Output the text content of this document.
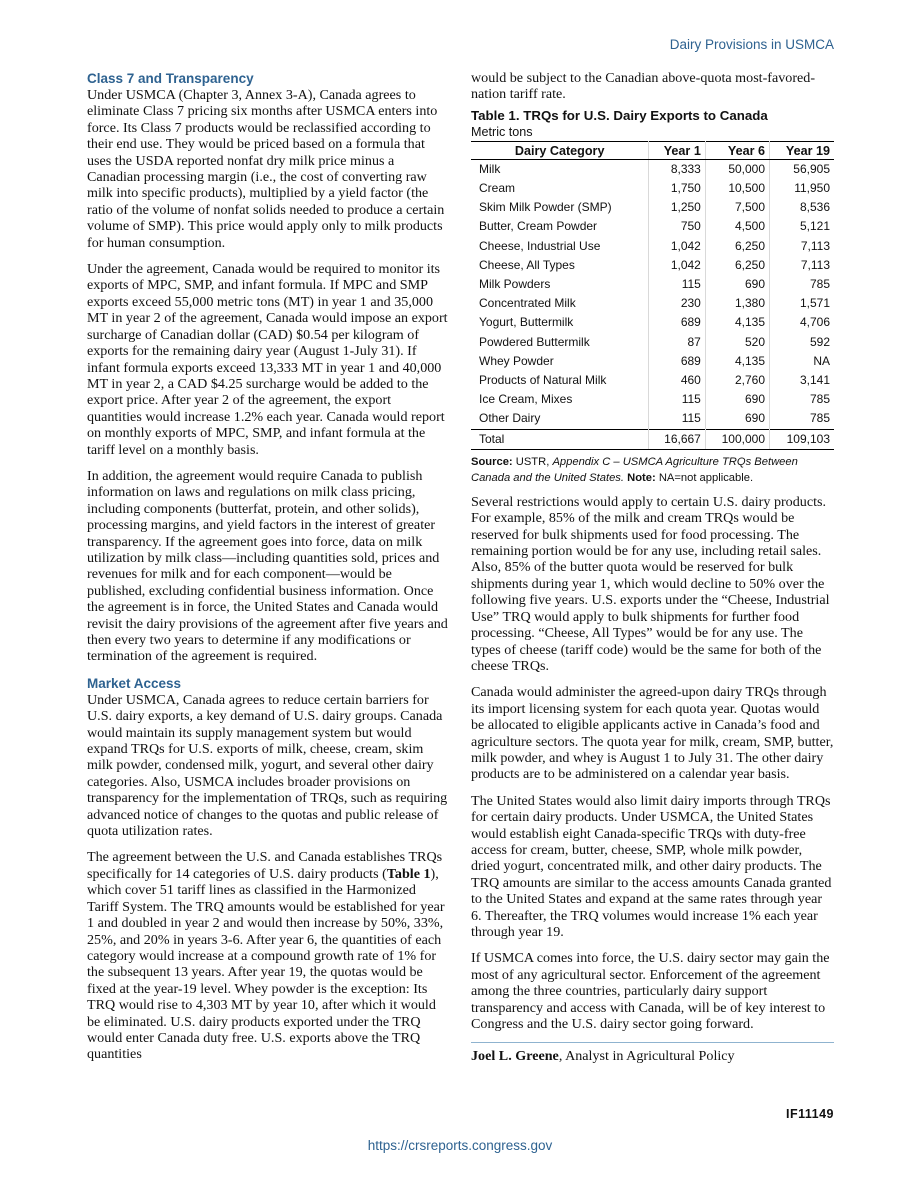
Dairy Provisions in USMCA
Class 7 and Transparency

Under USMCA (Chapter 3, Annex 3-A), Canada agrees to eliminate Class 7 pricing six months after USMCA enters into force. Its Class 7 products would be reclassified according to their end use. They would be priced based on a formula that uses the USDA reported nonfat dry milk price minus a Canadian processing margin (i.e., the cost of converting raw milk into specific products), multiplied by a yield factor (the ratio of the volume of nonfat solids needed to produce a certain volume of SMP). This price would apply only to milk products for human consumption.

Under the agreement, Canada would be required to monitor its exports of MPC, SMP, and infant formula. If MPC and SMP exports exceed 55,000 metric tons (MT) in year 1 and 35,000 MT in year 2 of the agreement, Canada would impose an export surcharge of Canadian dollar (CAD) $0.54 per kilogram of exports for the remaining dairy year (August 1-July 31). If infant formula exports exceed 13,333 MT in year 1 and 40,000 MT in year 2, a CAD $4.25 surcharge would be added to the export price. After year 2 of the agreement, the export quantities would increase 1.2% each year. Canada would report on monthly exports of MPC, SMP, and infant formula at the tariff level on a monthly basis.

In addition, the agreement would require Canada to publish information on laws and regulations on milk class pricing, including components (butterfat, protein, and other solids), processing margins, and yield factors in the interest of greater transparency. If the agreement goes into force, data on milk utilization by milk class—including quantities sold, prices and revenues for milk and for each component—would be published, excluding confidential business information. Once the agreement is in force, the United States and Canada would revisit the dairy provisions of the agreement after five years and then every two years to determine if any modifications or termination of the agreement is required.

Market Access

Under USMCA, Canada agrees to reduce certain barriers for U.S. dairy exports, a key demand of U.S. dairy groups. Canada would maintain its supply management system but would expand TRQs for U.S. exports of milk, cheese, cream, skim milk powder, condensed milk, yogurt, and several other dairy categories. Also, USMCA includes broader provisions on transparency for the implementation of TRQs, such as requiring advanced notice of changes to the quotas and public release of quota utilization rates.

The agreement between the U.S. and Canada establishes TRQs specifically for 14 categories of U.S. dairy products (Table 1), which cover 51 tariff lines as classified in the Harmonized Tariff System. The TRQ amounts would be established for year 1 and doubled in year 2 and would then increase by 50%, 33%, 25%, and 20% in years 3-6. After year 6, the quantities of each category would increase at a compound growth rate of 1% for the subsequent 13 years. After year 19, the quotas would be fixed at the year-19 level. Whey powder is the exception: Its TRQ would rise to 4,303 MT by year 10, after which it would be eliminated. U.S. dairy products exported under the TRQ would enter Canada duty free. U.S. exports above the TRQ quantities

would be subject to the Canadian above-quota most-favored-nation tariff rate.

Table 1. TRQs for U.S. Dairy Exports to Canada
Metric tons
Dairy Category	Year 1	Year 6	Year 19
Milk	8,333	50,000	56,905
Cream	1,750	10,500	11,950
Skim Milk Powder (SMP)	1,250	7,500	8,536
Butter, Cream Powder	750	4,500	5,121
Cheese, Industrial Use	1,042	6,250	7,113
Cheese, All Types	1,042	6,250	7,113
Milk Powders	115	690	785
Concentrated Milk	230	1,380	1,571
Yogurt, Buttermilk	689	4,135	4,706
Powdered Buttermilk	87	520	592
Whey Powder	689	4,135	NA
Products of Natural Milk	460	2,760	3,141
Ice Cream, Mixes	115	690	785
Other Dairy	115	690	785
Total	16,667	100,000	109,103
Source: USTR, Appendix C – USMCA Agriculture TRQs Between Canada and the United States. Note: NA=not applicable.

Several restrictions would apply to certain U.S. dairy products. For example, 85% of the milk and cream TRQs would be reserved for bulk shipments used for food processing. The remaining portion would be for any use, including retail sales. Also, 85% of the butter quota would be reserved for bulk shipments during year 1, which would decline to 50% over the following five years. U.S. exports under the “Cheese, Industrial Use” TRQ would apply to bulk shipments for further food processing. “Cheese, All Types” would be for any use. The types of cheese (tariff code) would be the same for both of the cheese TRQs.

Canada would administer the agreed-upon dairy TRQs through its import licensing system for each quota year. Quotas would be allocated to eligible applicants active in Canada’s food and agriculture sectors. The quota year for milk, cream, SMP, butter, milk powder, and whey is August 1 to July 31. The other dairy products are to be administered on a calendar year basis.

The United States would also limit dairy imports through TRQs for certain dairy products. Under USMCA, the United States would establish eight Canada-specific TRQs with duty-free access for cream, butter, cheese, SMP, whole milk powder, dried yogurt, concentrated milk, and other dairy products. The TRQ amounts are similar to the access amounts Canada granted to the United States and expand at the same rates through year 6. Thereafter, the TRQ volumes would increase 1% each year through year 19.

If USMCA comes into force, the U.S. dairy sector may gain the most of any agricultural sector. Enforcement of the agreement among the three countries, particularly dairy support transparency and access with Canada, will be of key interest to Congress and the U.S. dairy sector going forward.

Joel L. Greene, Analyst in Agricultural Policy
IF11149
https://crsreports.congress.gov
